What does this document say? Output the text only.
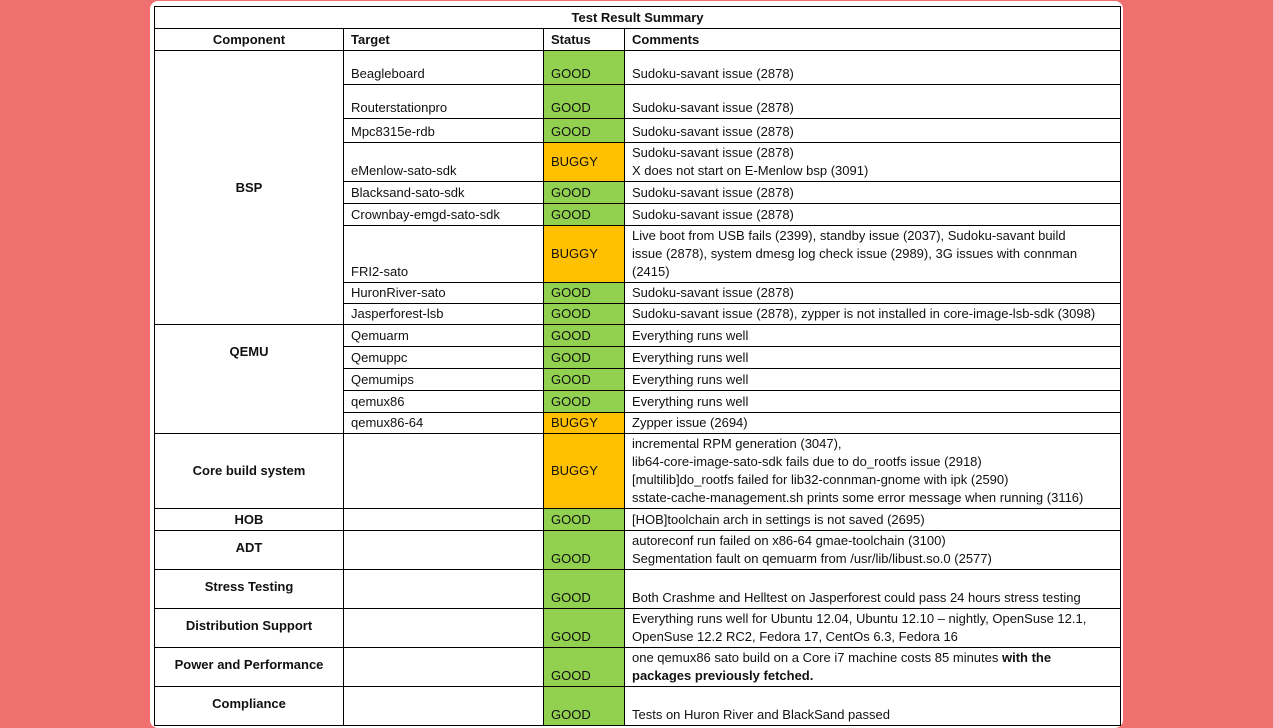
Test Result Summary			
Component	Target	Status	Comments
BSP	Beagleboard	GOOD	Sudoku-savant issue (2878)
	Routerstationpro	GOOD	Sudoku-savant issue (2878)
	Mpc8315e-rdb	GOOD	Sudoku-savant issue (2878)
	eMenlow-sato-sdk	BUGGY	Sudoku-savant issue (2878)
X does not start on E-Menlow bsp (3091)

	Blacksand-sato-sdk	GOOD	Sudoku-savant issue (2878)
	Crownbay-emgd-sato-sdk	GOOD	Sudoku-savant issue (2878)
	FRI2-sato	BUGGY	Live boot from USB fails (2399), standby issue (2037), Sudoku-savant build
issue (2878), system dmesg log check issue (2989), 3G issues with connman
(2415)

	HuronRiver-sato	GOOD	Sudoku-savant issue (2878)
	Jasperforest-lsb	GOOD	Sudoku-savant issue (2878), zypper is not installed in core-image-lsb-sdk (3098)
QEMU	Qemuarm	GOOD	Everything runs well
	Qemuppc	GOOD	Everything runs well
	Qemumips	GOOD	Everything runs well
	qemux86	GOOD	Everything runs well
	qemux86-64	BUGGY	Zypper issue (2694)
Core build system		BUGGY	incremental RPM generation (3047),
lib64-core-image-sato-sdk fails due to do_rootfs issue (2918)
[multilib]do_rootfs failed for lib32-connman-gnome with ipk (2590)
sstate-cache-management.sh prints some error message when running (3116)

HOB		GOOD	[HOB]toolchain arch in settings is not saved (2695)
ADT		GOOD	autoreconf run failed on x86-64 gmae-toolchain (3100)
Segmentation fault on qemuarm from /usr/lib/libust.so.0 (2577)

Stress Testing		GOOD	Both Crashme and Helltest on Jasperforest could pass 24 hours stress testing
Distribution Support		GOOD	Everything runs well for Ubuntu 12.04, Ubuntu 12.10 – nightly, OpenSuse 12.1,
OpenSuse 12.2 RC2, Fedora 17, CentOs 6.3, Fedora 16

Power and Performance		GOOD	one qemux86 sato build on a Core i7 machine costs 85 minutes with the
packages previously fetched.

Compliance		GOOD	Tests on Huron River and BlackSand passed
